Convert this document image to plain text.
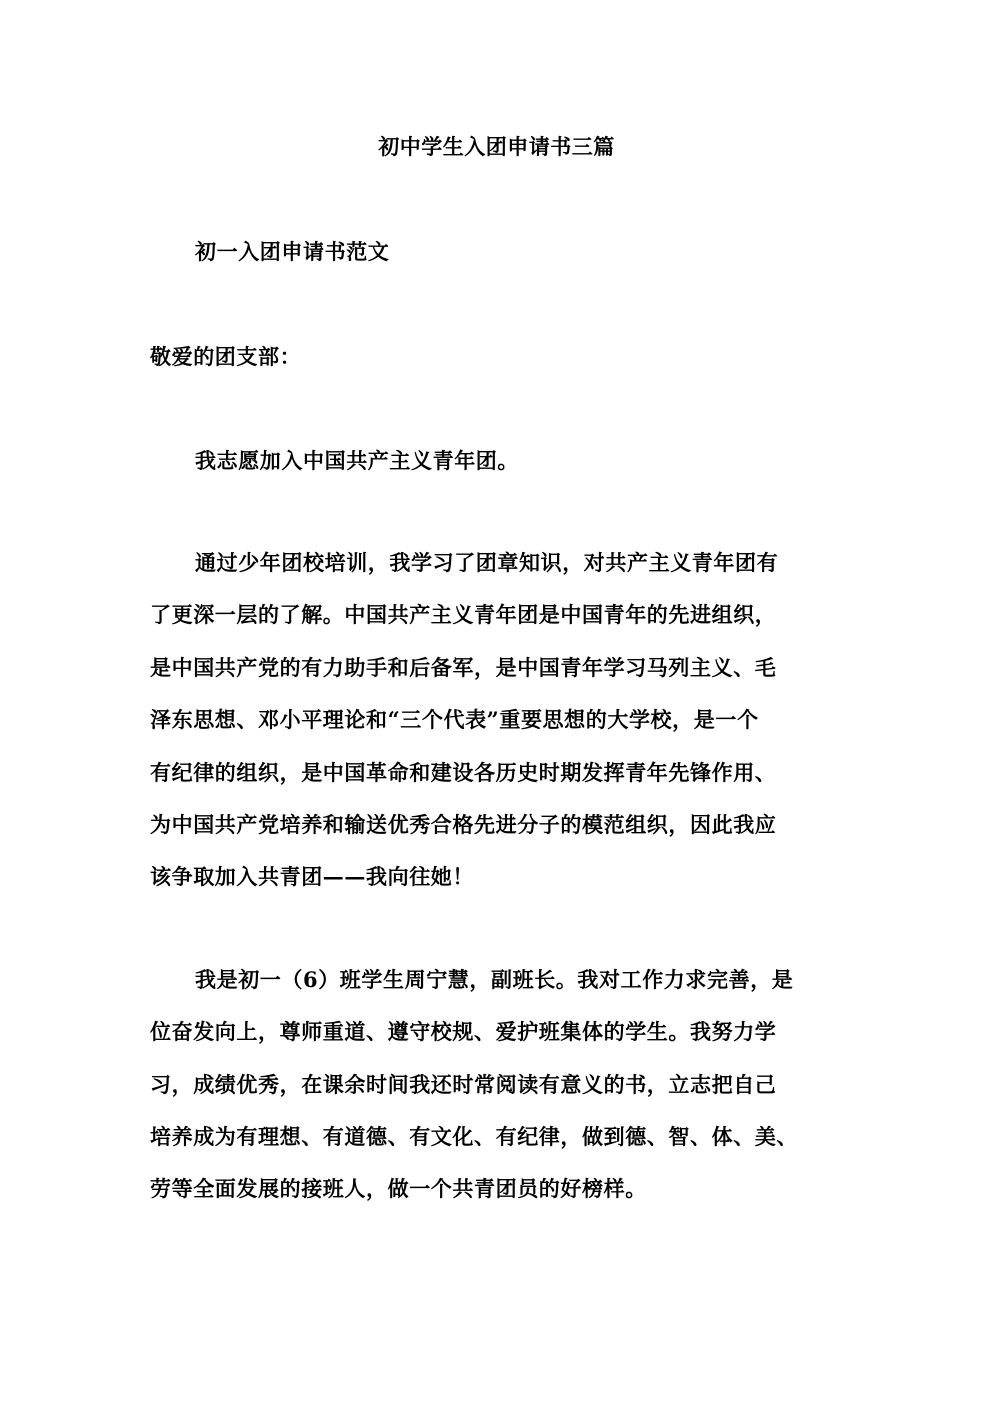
初中学生入团申请书三篇
初一入团申请书范文
敬爱的团支部：
我志愿加入中国共产主义青年团。
通过少年团校培训，我学习了团章知识，对共产主义青年团有
了更深一层的了解。中国共产主义青年团是中国青年的先进组织，
是中国共产党的有力助手和后备军，是中国青年学习马列主义、毛
泽东思想、邓小平理论和“三个代表”重要思想的大学校，是一个
有纪律的组织，是中国革命和建设各历史时期发挥青年先锋作用、
为中国共产党培养和输送优秀合格先进分子的模范组织，因此我应
该争取加入共青团——我向往她！
我是初一（6）班学生周宁慧，副班长。我对工作力求完善，是
位奋发向上，尊师重道、遵守校规、爱护班集体的学生。我努力学
习，成绩优秀，在课余时间我还时常阅读有意义的书，立志把自己
培养成为有理想、有道德、有文化、有纪律，做到德、智、体、美、
劳等全面发展的接班人，做一个共青团员的好榜样。
